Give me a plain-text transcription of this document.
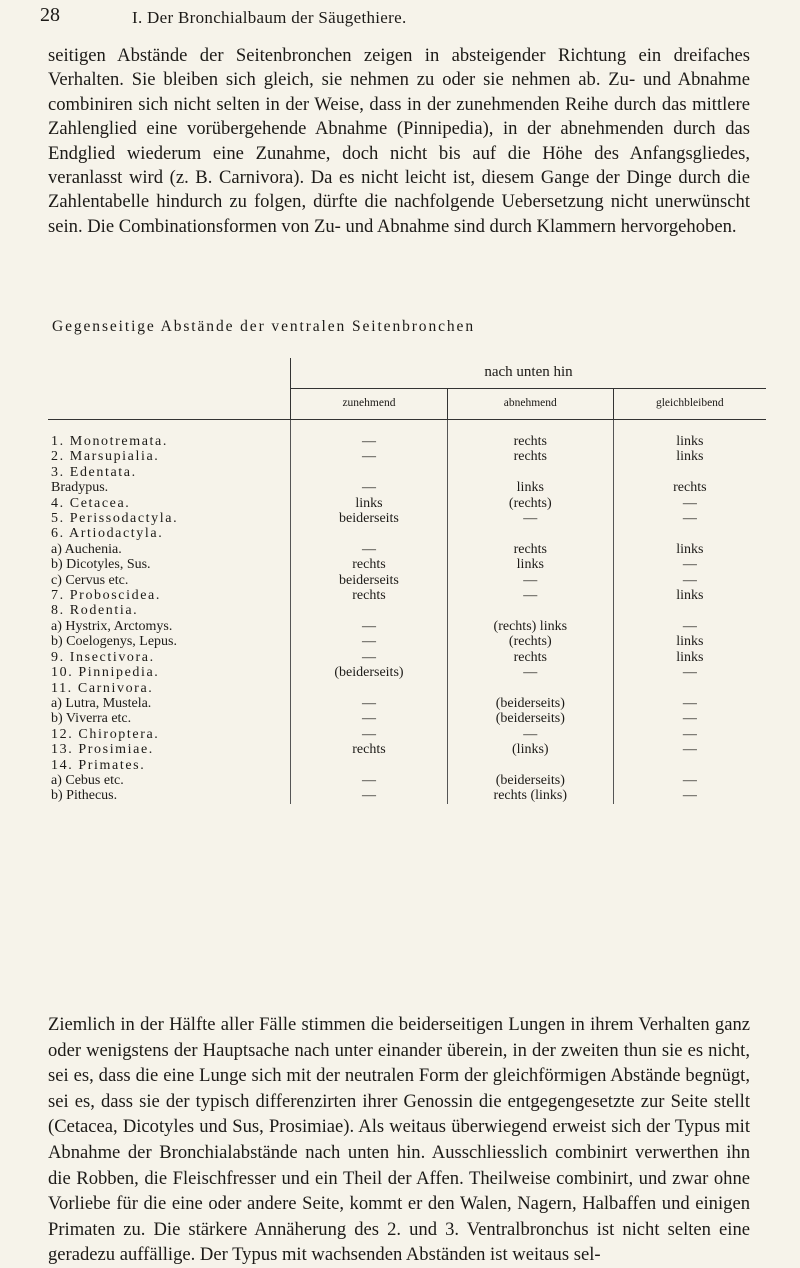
28	I. Der Bronchialbaum der Säugethiere.

seitigen Abstände der Seitenbronchen zeigen in absteigender Richtung ein dreifaches Verhalten. Sie bleiben sich gleich, sie nehmen zu oder sie nehmen ab. Zu- und Abnahme combiniren sich nicht selten in der Weise, dass in der zunehmenden Reihe durch das mittlere Zahlenglied eine vorübergehende Abnahme (Pinnipedia), in der abnehmenden durch das Endglied wiederum eine Zunahme, doch nicht bis auf die Höhe des Anfangsgliedes, veranlasst wird (z. B. Carnivora). Da es nicht leicht ist, diesem Gange der Dinge durch die Zahlentabelle hindurch zu folgen, dürfte die nachfolgende Uebersetzung nicht unerwünscht sein. Die Combinationsformen von Zu- und Abnahme sind durch Klammern hervorgehoben.

Gegenseitige Abstände der ventralen Seitenbronchen
	nach unten hin		
	zunehmend	abnehmend	gleichbleibend

1. Monotremata.	—	rechts	links
2. Marsupialia.	—	rechts	links
3. Edentata.			
Bradypus.	—	links	rechts
4. Cetacea.	links	(rechts)	—
5. Perissodactyla.	beiderseits	—	—
6. Artiodactyla.			
a) Auchenia.	—	rechts	links
b) Dicotyles, Sus.	rechts	links	—
c) Cervus etc.	beiderseits	—	—
7. Proboscidea.	rechts	—	links
8. Rodentia.			
a) Hystrix, Arctomys.	—	(rechts) links	—
b) Coelogenys, Lepus.	—	(rechts)	links
9. Insectivora.	—	rechts	links
10. Pinnipedia.	(beiderseits)	—	—
11. Carnivora.			
a) Lutra, Mustela.	—	(beiderseits)	—
b) Viverra etc.	—	(beiderseits)	—
12. Chiroptera.	—	—	—
13. Prosimiae.	rechts	(links)	—
14. Primates.			
a) Cebus etc.	—	(beiderseits)	—
b) Pithecus.	—	rechts (links)	—

Ziemlich in der Hälfte aller Fälle stimmen die beiderseitigen Lungen in ihrem Verhalten ganz oder wenigstens der Hauptsache nach unter einander überein, in der zweiten thun sie es nicht, sei es, dass die eine Lunge sich mit der neutralen Form der gleichförmigen Abstände begnügt, sei es, dass sie der typisch differenzirten ihrer Genossin die entgegengesetzte zur Seite stellt (Cetacea, Dicotyles und Sus, Prosimiae). Als weitaus überwiegend erweist sich der Typus mit Abnahme der Bronchialabstände nach unten hin. Ausschliesslich combinirt verwerthen ihn die Robben, die Fleischfresser und ein Theil der Affen. Theilweise combinirt, und zwar ohne Vorliebe für die eine oder andere Seite, kommt er den Walen, Nagern, Halbaffen und einigen Primaten zu. Die stärkere Annäherung des 2. und 3. Ventralbronchus ist nicht selten eine geradezu auffällige. Der Typus mit wachsenden Abständen ist weitaus sel-
